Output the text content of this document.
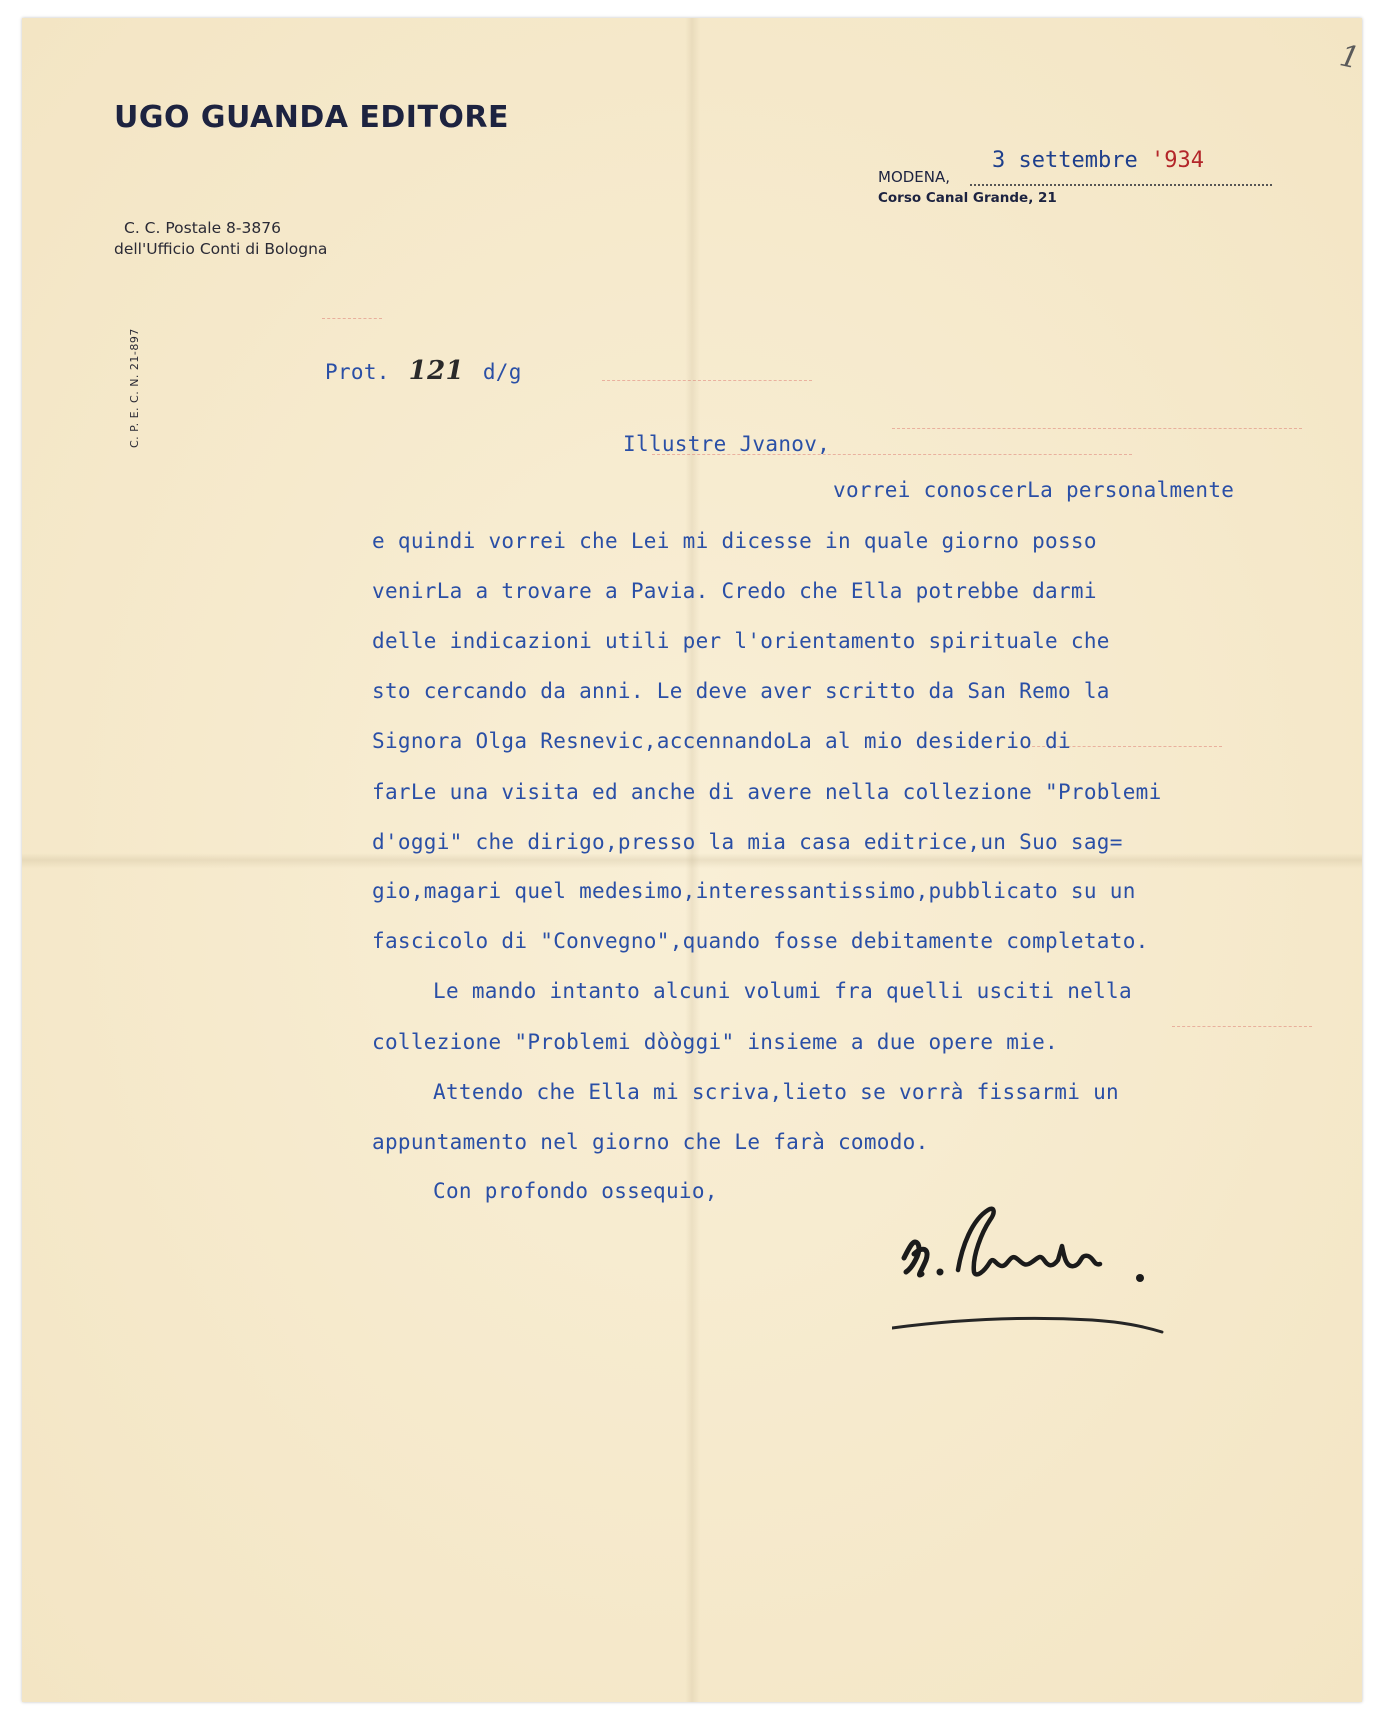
1
UGO GUANDA EDITORE
C. C. Postale 8-3876
dell'Ufficio Conti di Bologna
C. P. E. C. N. 21-897
MODENA,
3 settembre '934
Corso Canal Grande, 21
Prot. 121 d/g
Illustre Jvanov,
vorrei conoscerLa personalmente
e quindi vorrei che Lei mi dicesse in quale giorno posso
venirLa a trovare a Pavia. Credo che Ella potrebbe darmi
delle indicazioni utili per l'orientamento spirituale che
sto cercando da anni. Le deve aver scritto da San Remo la
Signora Olga Resnevic,accennandoLa al mio desiderio di
farLe una visita ed anche di avere nella collezione "Problemi
d'oggi" che dirigo,presso la mia casa editrice,un Suo sag=
gio,magari quel medesimo,interessantissimo,pubblicato su un
fascicolo di "Convegno",quando fosse debitamente completato.
Le mando intanto alcuni volumi fra quelli usciti nella
collezione "Problemi dòòggi" insieme a due opere mie.
Attendo che Ella mi scriva,lieto se vorrà fissarmi un
appuntamento nel giorno che Le farà comodo.
Con profondo ossequio,
